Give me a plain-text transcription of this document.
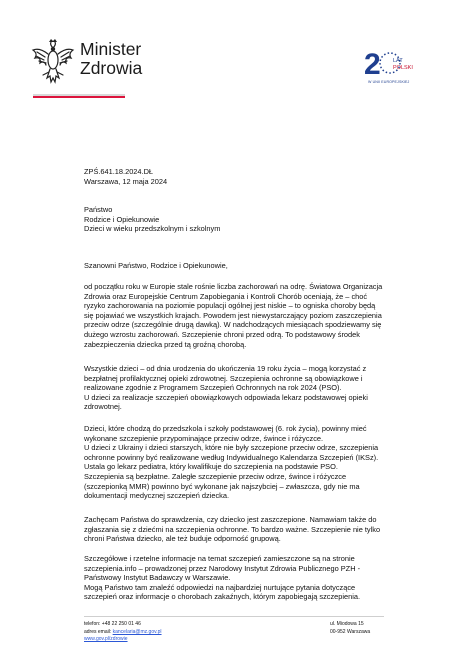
Minister
Zdrowia	2 LAT
POLSKI
W UNII EUROPEJSKIEJ
ZPŚ.641.18.2024.DŁ
Warszawa, 12 maja 2024
Państwo
Rodzice i Opiekunowie
Dzieci w wieku przedszkolnym i szkolnym
Szanowni Państwo, Rodzice i Opiekunowie,
od początku roku w Europie stale rośnie liczba zachorowań na odrę. Światowa Organizacja
Zdrowia oraz Europejskie Centrum Zapobiegania i Kontroli Chorób oceniają, że – choć
ryzyko zachorowania na poziomie populacji ogólnej jest niskie – to ogniska choroby będą
się pojawiać we wszystkich krajach. Powodem jest niewystarczający poziom zaszczepienia
przeciw odrze (szczególnie drugą dawką). W nadchodzących miesiącach spodziewamy się
dużego wzrostu zachorowań. Szczepienie chroni przed odrą. To podstawowy środek
zabezpieczenia dziecka przed tą groźną chorobą.
Wszystkie dzieci – od dnia urodzenia do ukończenia 19 roku życia – mogą korzystać z
bezpłatnej profilaktycznej opieki zdrowotnej. Szczepienia ochronne są obowiązkowe i
realizowane zgodnie z Programem Szczepień Ochronnych na rok 2024 (PSO).
U dzieci za realizacje szczepień obowiązkowych odpowiada lekarz podstawowej opieki
zdrowotnej.
Dzieci, które chodzą do przedszkola i szkoły podstawowej (6. rok życia), powinny mieć
wykonane szczepienie przypominające przeciw odrze, śwince i różyczce.
U dzieci z Ukrainy i dzieci starszych, które nie były szczepione przeciw odrze, szczepienia
ochronne powinny być realizowane według Indywidualnego Kalendarza Szczepień (IKSz).
Ustala go lekarz pediatra, który kwalifikuje do szczepienia na podstawie PSO.
Szczepienia są bezpłatne. Zaległe szczepienie przeciw odrze, śwince i różyczce
(szczepionką MMR) powinno być wykonane jak najszybciej – zwłaszcza, gdy nie ma
dokumentacji medycznej szczepień dziecka.
Zachęcam Państwa do sprawdzenia, czy dziecko jest zaszczepione. Namawiam także do
zgłaszania się z dziećmi na szczepienia ochronne. To bardzo ważne. Szczepienie nie tylko
chroni Państwa dziecko, ale też buduje odporność grupową.
Szczegółowe i rzetelne informacje na temat szczepień zamieszczone są na stronie
szczepienia.info – prowadzonej przez Narodowy Instytut Zdrowia Publicznego PZH -
Państwowy Instytut Badawczy w Warszawie.
Mogą Państwo tam znaleźć odpowiedzi na najbardziej nurtujące pytania dotyczące
szczepień oraz informacje o chorobach zakaźnych, którym zapobiegają szczepienia.
telefon: +48 22 250 01 46
adres email: kancelaria@mz.gov.pl
www.gov.pl/zdrowie
ul. Miodowa 15
00-952 Warszawa
